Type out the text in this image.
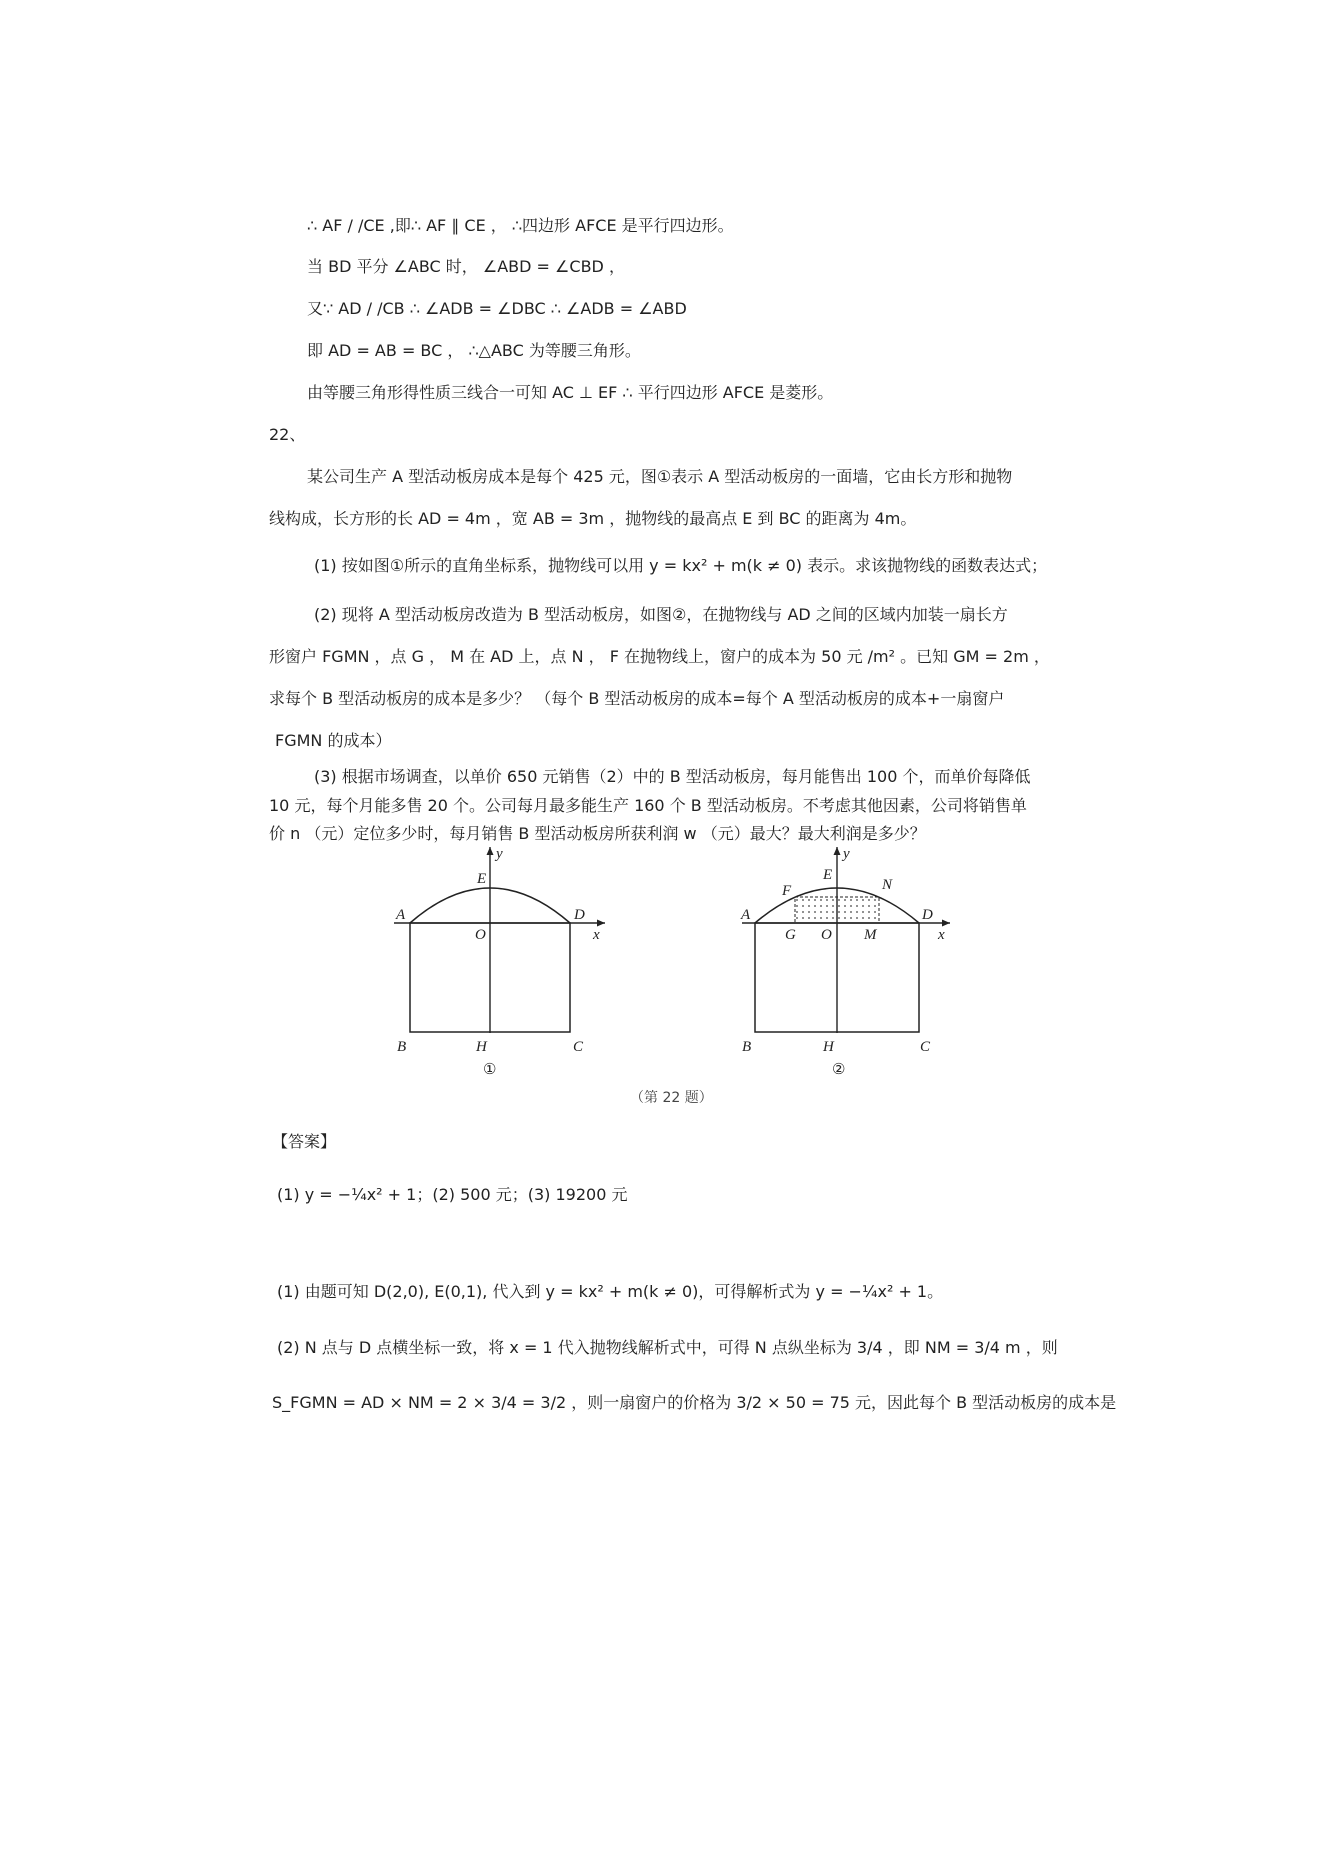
∴ AF / /CE ,即∴ AF ∥ CE ， ∴四边形 AFCE 是平行四边形。
当 BD 平分 ∠ABC 时， ∠ABD = ∠CBD ，
又∵ AD / /CB ∴ ∠ADB = ∠DBC ∴ ∠ADB = ∠ABD
即 AD = AB = BC ， ∴△ABC 为等腰三角形。
由等腰三角形得性质三线合一可知 AC ⊥ EF ∴ 平行四边形 AFCE 是菱形。
22、
某公司生产 A 型活动板房成本是每个 425 元，图①表示 A 型活动板房的一面墙，它由长方形和抛物
线构成，长方形的长 AD = 4m ，宽 AB = 3m ，抛物线的最高点 E 到 BC 的距离为 4m。
(1) 按如图①所示的直角坐标系，抛物线可以用 y = kx² + m(k ≠ 0) 表示。求该抛物线的函数表达式；
(2) 现将 A 型活动板房改造为 B 型活动板房，如图②，在抛物线与 AD 之间的区域内加装一扇长方
形窗户 FGMN ，点 G ， M 在 AD 上，点 N ， F 在抛物线上，窗户的成本为 50 元 /m² 。已知 GM = 2m ，
求每个 B 型活动板房的成本是多少？ （每个 B 型活动板房的成本=每个 A 型活动板房的成本+一扇窗户
FGMN 的成本）
(3) 根据市场调查，以单价 650 元销售（2）中的 B 型活动板房，每月能售出 100 个，而单价每降低
10 元，每个月能多售 20 个。公司每月最多能生产 160 个 B 型活动板房。不考虑其他因素，公司将销售单
价 n （元）定位多少时，每月销售 B 型活动板房所获利润 w （元）最大？最大利润是多少？
A	D
E
O	x
y
B	H	C
①
A	D
E
F	N
G O M	x
y
B	H	C
②
（第 22 题）
【答案】
(1) y = −¼x² + 1；(2) 500 元；(3) 19200 元
(1) 由题可知 D(2,0), E(0,1), 代入到 y = kx² + m(k ≠ 0)，可得解析式为 y = −¼x² + 1。
(2) N 点与 D 点横坐标一致，将 x = 1 代入抛物线解析式中，可得 N 点纵坐标为 3/4 ，即 NM = 3/4 m ，则
S_FGMN = AD × NM = 2 × 3/4 = 3/2 ，则一扇窗户的价格为 3/2 × 50 = 75 元，因此每个 B 型活动板房的成本是
